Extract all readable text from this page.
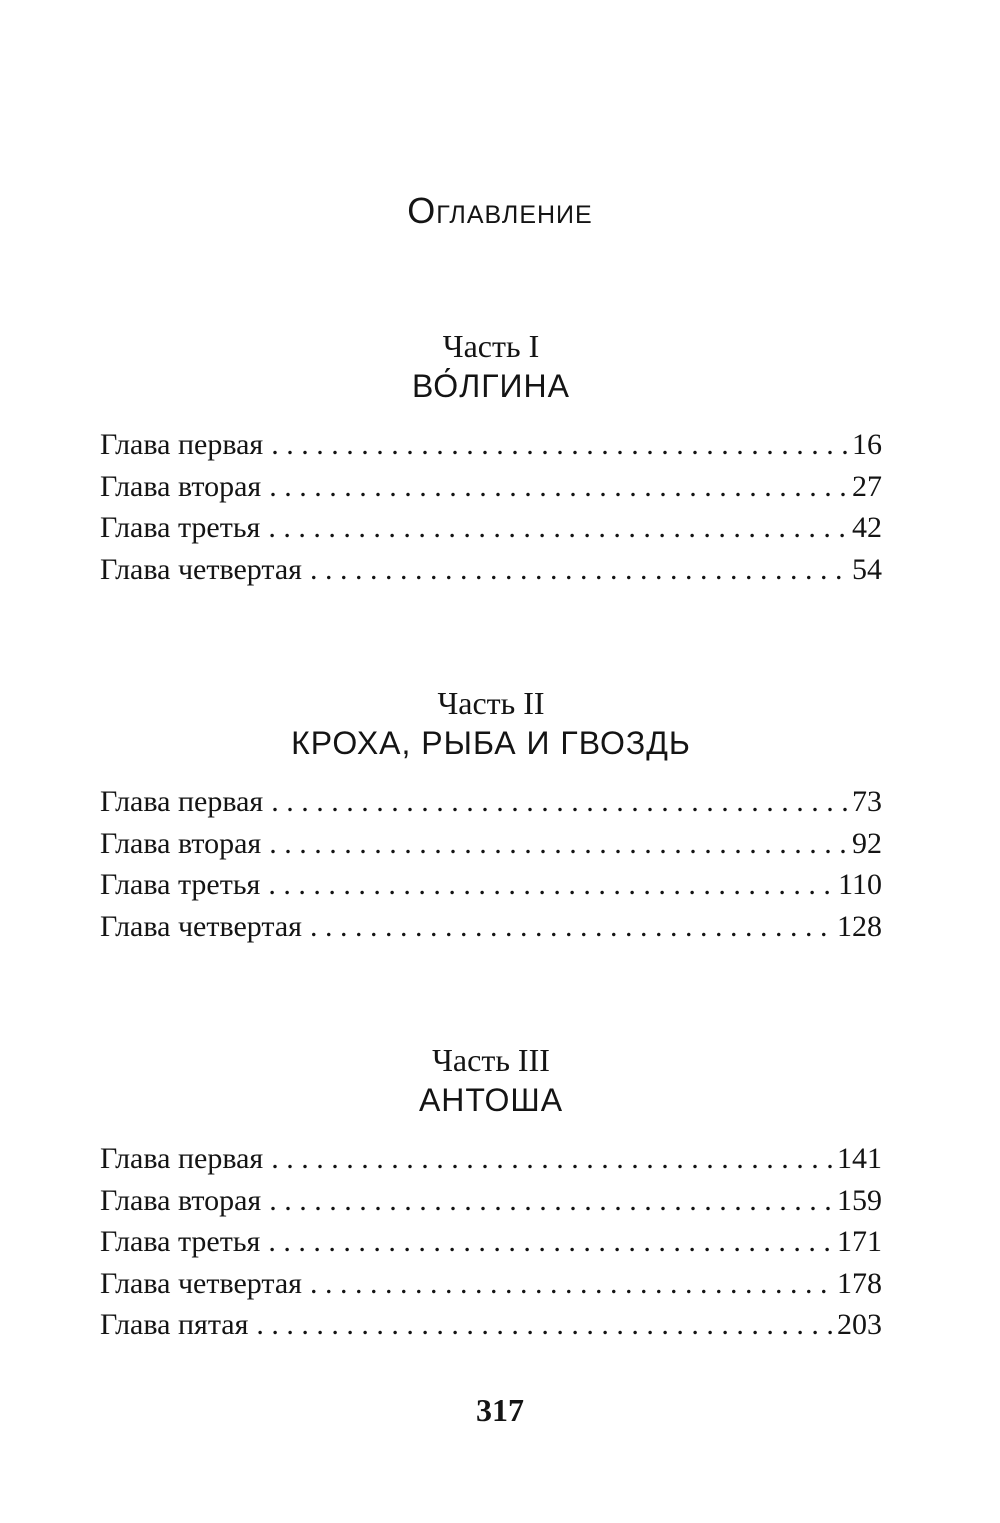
Оглавление

Часть I

ВО́ЛГИНА
Глава первая . . .	16
Глава вторая . . .	27
Глава третья . . .	42
Глава четвертая . . .	54

Часть II

КРОХА, РЫБА И ГВОЗДЬ
Глава первая . . .	73
Глава вторая . . .	92
Глава третья . . .	110
Глава четвертая . . .	128

Часть III

АНТОША
Глава первая . . .	141
Глава вторая . . .	159
Глава третья . . .	171
Глава четвертая . . .	178
Глава пятая . . .	203

317
